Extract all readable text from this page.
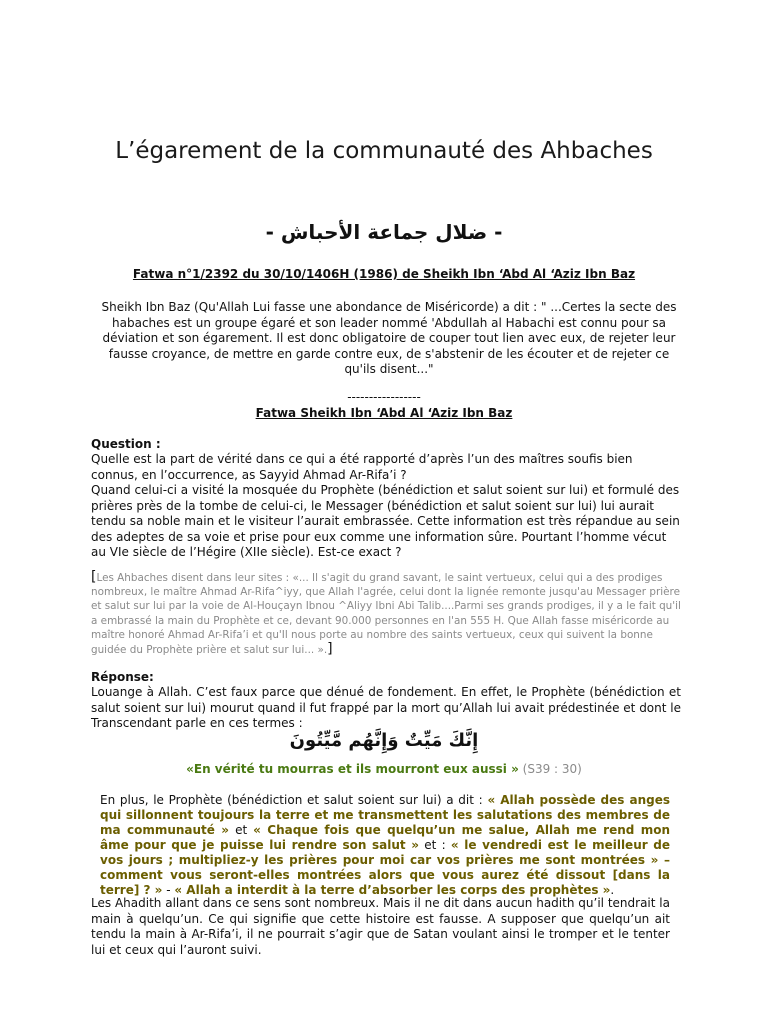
L’égarement de la communauté des Ahbaches
- ضلال جماعة الأحباش -
Fatwa n°1/2392 du 30/10/1406H (1986) de Sheikh Ibn ‘Abd Al ‘Aziz Ibn Baz
Sheikh Ibn Baz (Qu'Allah Lui fasse une abondance de Miséricorde) a dit : " ...Certes la secte des habaches est un groupe égaré et son leader nommé 'Abdullah al Habachi est connu pour sa déviation et son égarement. Il est donc obligatoire de couper tout lien avec eux, de rejeter leur fausse croyance, de mettre en garde contre eux, de s'abstenir de les écouter et de rejeter ce qu'ils disent..."
-----------------
Fatwa Sheikh Ibn ‘Abd Al ‘Aziz Ibn Baz
Question :
Quelle est la part de vérité dans ce qui a été rapporté d’après l’un des maîtres soufis bien connus, en l’occurrence, as Sayyid Ahmad Ar-Rifa’i ?
Quand celui-ci a visité la mosquée du Prophète (bénédiction et salut soient sur lui) et formulé des prières près de la tombe de celui-ci, le Messager (bénédiction et salut soient sur lui) lui aurait tendu sa noble main et le visiteur l’aurait embrassée. Cette information est très répandue au sein des adeptes de sa voie et prise pour eux comme une information sûre. Pourtant l’homme vécut au VIe siècle de l’Hégire (XIIe siècle). Est-ce exact ?
[Les Ahbaches disent dans leur sites : «... Il s'agit du grand savant, le saint vertueux, celui qui a des prodiges nombreux, le maître Ahmad Ar-Rifa^iyy, que Allah l'agrée, celui dont la lignée remonte jusqu'au Messager prière et salut sur lui par la voie de Al-Houçayn Ibnou ^Aliyy Ibni Abi Talib....Parmi ses grands prodiges, il y a le fait qu'il a embrassé la main du Prophète et ce, devant 90.000 personnes en l'an 555 H. Que Allah fasse miséricorde au maître honoré Ahmad Ar-Rifa’i et qu'Il nous porte au nombre des saints vertueux, ceux qui suivent la bonne guidée du Prophète prière et salut sur lui... ».]
Réponse:
Louange à Allah. C’est faux parce que dénué de fondement. En effet, le Prophète (bénédiction et salut soient sur lui) mourut quand il fut frappé par la mort qu’Allah lui avait prédestinée et dont le Transcendant parle en ces termes :
إِنَّكَ مَيِّتٌ وَإِنَّهُم مَّيِّتُونَ
«En vérité tu mourras et ils mourront eux aussi » (S39 : 30)
En plus, le Prophète (bénédiction et salut soient sur lui) a dit : « Allah possède des anges qui sillonnent toujours la terre et me transmettent les salutations des membres de ma communauté » et « Chaque fois que quelqu’un me salue, Allah me rend mon âme pour que je puisse lui rendre son salut » et : « le vendredi est le meilleur de vos jours ; multipliez-y les prières pour moi car vos prières me sont montrées » – comment vous seront-elles montrées alors que vous aurez été dissout [dans la terre] ? » - « Allah a interdit à la terre d’absorber les corps des prophètes ».
Les Ahadith allant dans ce sens sont nombreux. Mais il ne dit dans aucun hadith qu’il tendrait la main à quelqu’un. Ce qui signifie que cette histoire est fausse. A supposer que quelqu’un ait tendu la main à Ar-Rifa’i, il ne pourrait s’agir que de Satan voulant ainsi le tromper et le tenter lui et ceux qui l’auront suivi.
